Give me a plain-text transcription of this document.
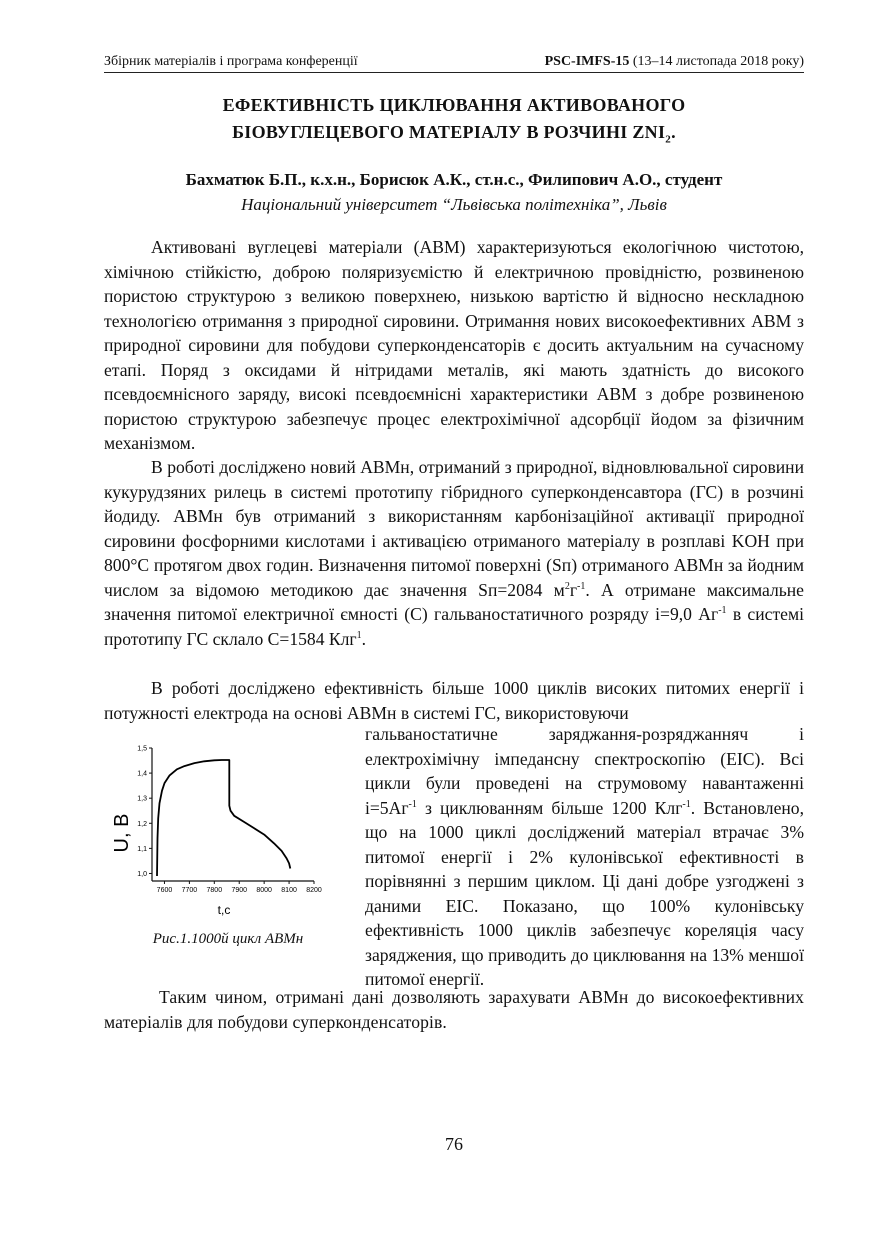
Збірник матеріалів і програма конференції	PSC-IMFS-15 (13–14 листопада 2018 року)
ЕФЕКТИВНІСТЬ ЦИКЛЮВАННЯ АКТИВОВАНОГО
БІОВУГЛЕЦЕВОГО МАТЕРІАЛУ В РОЗЧИНІ $ZNI_2$.
Бахматюк Б.П., к.х.н., Борисюк А.К., ст.н.с., Филипович А.О., студент
Національний університет “Львівська політехніка”, Львів
Активовані вуглецеві матеріали (АВМ) характеризуються екологічною чистотою, хімічною стійкістю, доброю поляризуємістю й електричною провідністю, розвиненою пористою структурою з великою поверхнею, низькою вартістю й відносно нескладною технологією отримання з природної сировини. Отримання нових високоефективних АВМ з природної сировини для побудови суперконденсаторів є досить актуальним на сучасному етапі. Поряд з оксидами й нітридами металів, які мають здатність до високого псевдоємнісного заряду, високі псевдоємнісні характеристики АВМ з добре розвиненою пористою структурою забезпечує процес електрохімічної адсорбції йодом за фізичним механізмом.
В роботі досліджено новий АВМн, отриманий з природної, відновлювальної сировини кукурудзяних рилець в системі прототипу гібридного суперконденсавтора (ГС) в розчині йодиду. АВМн був отриманий з використанням карбонізаційної активації природної сировини фосфорними кислотами і активацією отриманого матеріалу в розплаві KOH при 800°C протягом двох годин. Визначення питомої поверхні (Sп) отриманого АВМн за йодним числом за відомою методикою дає значення Sп=2084 $м^2г^{-1}$. А отримане максимальне значення питомої електричної ємності (С) гальваностатичного розряду і=9,0 $Аг^{-1}$ в системі прототипу ГС склало С=1584 Клг$^1$.
В роботі досліджено ефективність більше 1000 циклів високих питомих енергії і потужності електрода на основі АВМн в системі ГС, використовуючи
гальваностатичне заряджання-розряджанняч і електрохімічну імпедансну спектроскопію (ЕІС). Всі цикли були проведені на струмовому навантаженні $і=5Аг^{-1}$ з циклюванням більше 1200 Клг$^{-1}$. Встановлено, що на 1000 циклі досліджений матеріал втрачає 3% питомої енергії і 2% кулонівської ефективності в порівнянні з першим циклом. Ці дані добре узгоджені з даними ЕІС. Показано, що 100% кулонівську ефективність 1000 циклів забезпечує кореляція часу заряджения, що приводить до циклювання на 13% меншої питомої енергії.
7600 7700 7800 7900 8000 8100 8200
1,0
1,1
1,2
1,3
1,4
1,5
t,c
U, B
Рис.1.1000й цикл АВМн
Таким чином, отримані дані дозволяють зарахувати АВМн до високоефективних матеріалів для побудови суперконденсаторів.
76
